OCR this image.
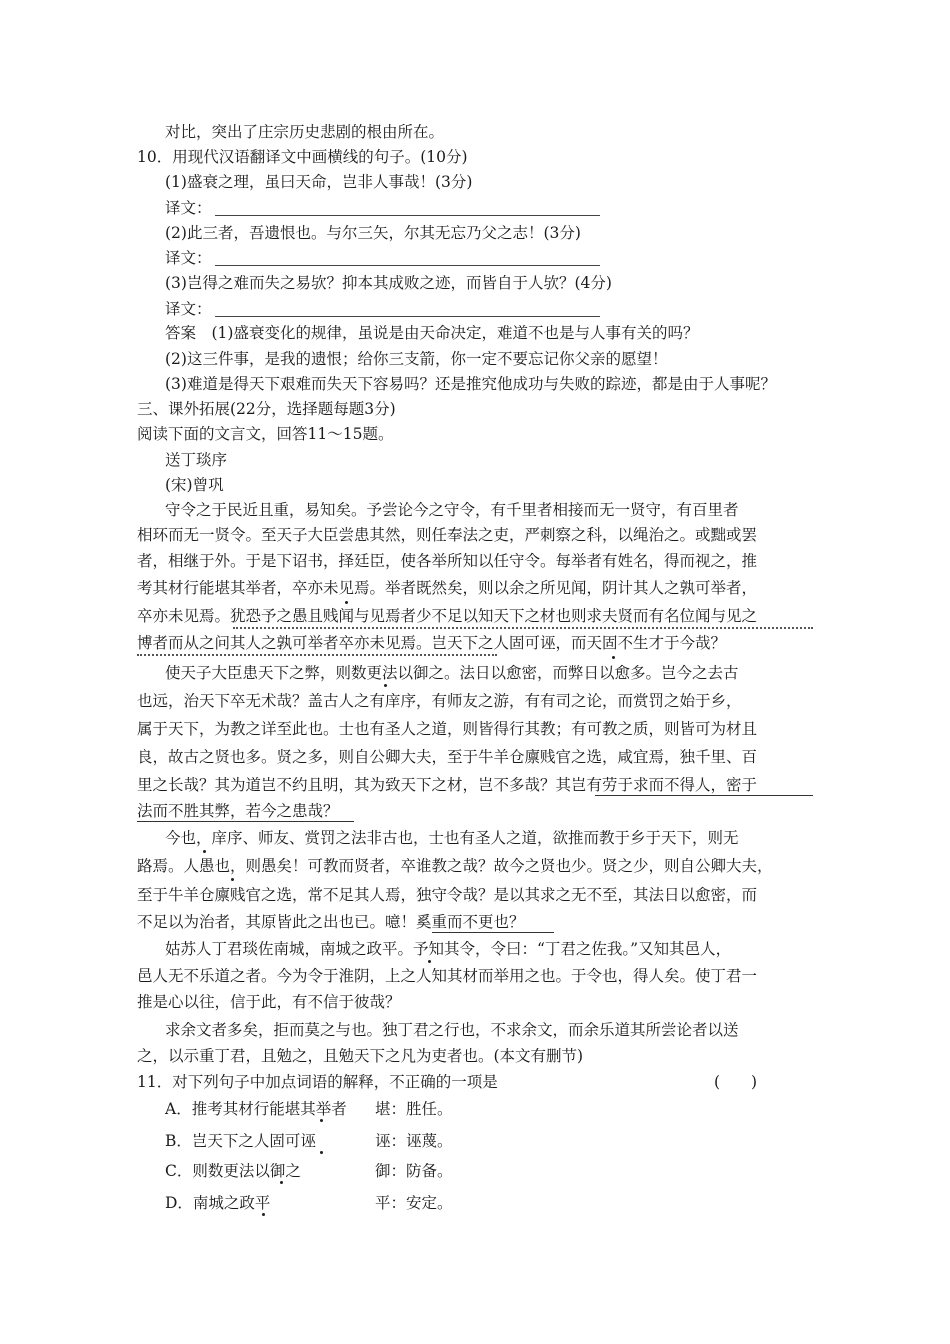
对比，突出了庄宗历史悲剧的根由所在。
10．用现代汉语翻译文中画横线的句子。(10分)
(1)盛衰之理，虽曰天命，岂非人事哉！(3分)
译文：
(2)此三者，吾遗恨也。与尔三矢，尔其无忘乃父之志！(3分)
译文：
(3)岂得之难而失之易欤？抑本其成败之迹，而皆自于人欤？(4分)
译文：
答案　(1)盛衰变化的规律，虽说是由天命决定，难道不也是与人事有关的吗？
(2)这三件事，是我的遗恨；给你三支箭，你一定不要忘记你父亲的愿望！
(3)难道是得天下艰难而失天下容易吗？还是推究他成功与失败的踪迹，都是由于人事呢？
三、课外拓展(22分，选择题每题3分)
阅读下面的文言文，回答11～15题。
送丁琰序
(宋)曾巩
守令之于民近且重，易知矣。予尝论今之守令，有千里者相接而无一贤守，有百里者
相环而无一贤令。至天子大臣尝患其然，则任奉法之吏，严刺察之科，以绳治之。或黜或罢
者，相继于外。于是下诏书，择廷臣，使各举所知以任守令。每举者有姓名，得而视之，推
考其材行能堪其举者，卒亦未见焉。举者既然矣，则以余之所见闻，阴计其人之孰可举者，
卒亦未见焉。犹恐予之愚且贱闻与见焉者少不足以知天下之材也则求夫贤而有名位闻与见之
博者而从之问其人之孰可举者卒亦未见焉。岂天下之人固可诬，而天固不生才于今哉？
使天子大臣患天下之弊，则数更法以御之。法日以愈密，而弊日以愈多。岂今之去古
也远，治天下卒无术哉？盖古人之有庠序，有师友之游，有有司之论，而赏罚之始于乡，
属于天下，为教之详至此也。士也有圣人之道，则皆得行其教；有可教之质，则皆可为材且
良，故古之贤也多。贤之多，则自公卿大夫，至于牛羊仓廪贱官之选，咸宜焉，独千里、百
里之长哉？其为道岂不约且明，其为致天下之材，岂不多哉？其岂有劳于求而不得人，密于
法而不胜其弊，若今之患哉？
今也，庠序、师友、赏罚之法非古也，士也有圣人之道，欲推而教于乡于天下，则无
路焉。人愚也，则愚矣！可教而贤者，卒谁教之哉？故今之贤也少。贤之少，则自公卿大夫，
至于牛羊仓廪贱官之选，常不足其人焉，独守令哉？是以其求之无不至，其法日以愈密，而
不足以为治者，其原皆此之出也已。噫！奚重而不更也？
姑苏人丁君琰佐南城，南城之政平。予知其令，令曰：“丁君之佐我。”又知其邑人，
邑人无不乐道之者。今为令于淮阴，上之人知其材而举用之也。于令也，得人矣。使丁君一
推是心以往，信于此，有不信于彼哉？
求余文者多矣，拒而莫之与也。独丁君之行也，不求余文，而余乐道其所尝论者以送
之，以示重丁君，且勉之，且勉天下之凡为吏者也。(本文有删节)
11．对下列句子中加点词语的解释，不正确的一项是	(　　)
A．推考其材行能堪其举者 堪：胜任。
B．岂天下之人固可诬	诬：诬蔑。
C．则数更法以御之	御：防备。
D．南城之政平	平：安定。
